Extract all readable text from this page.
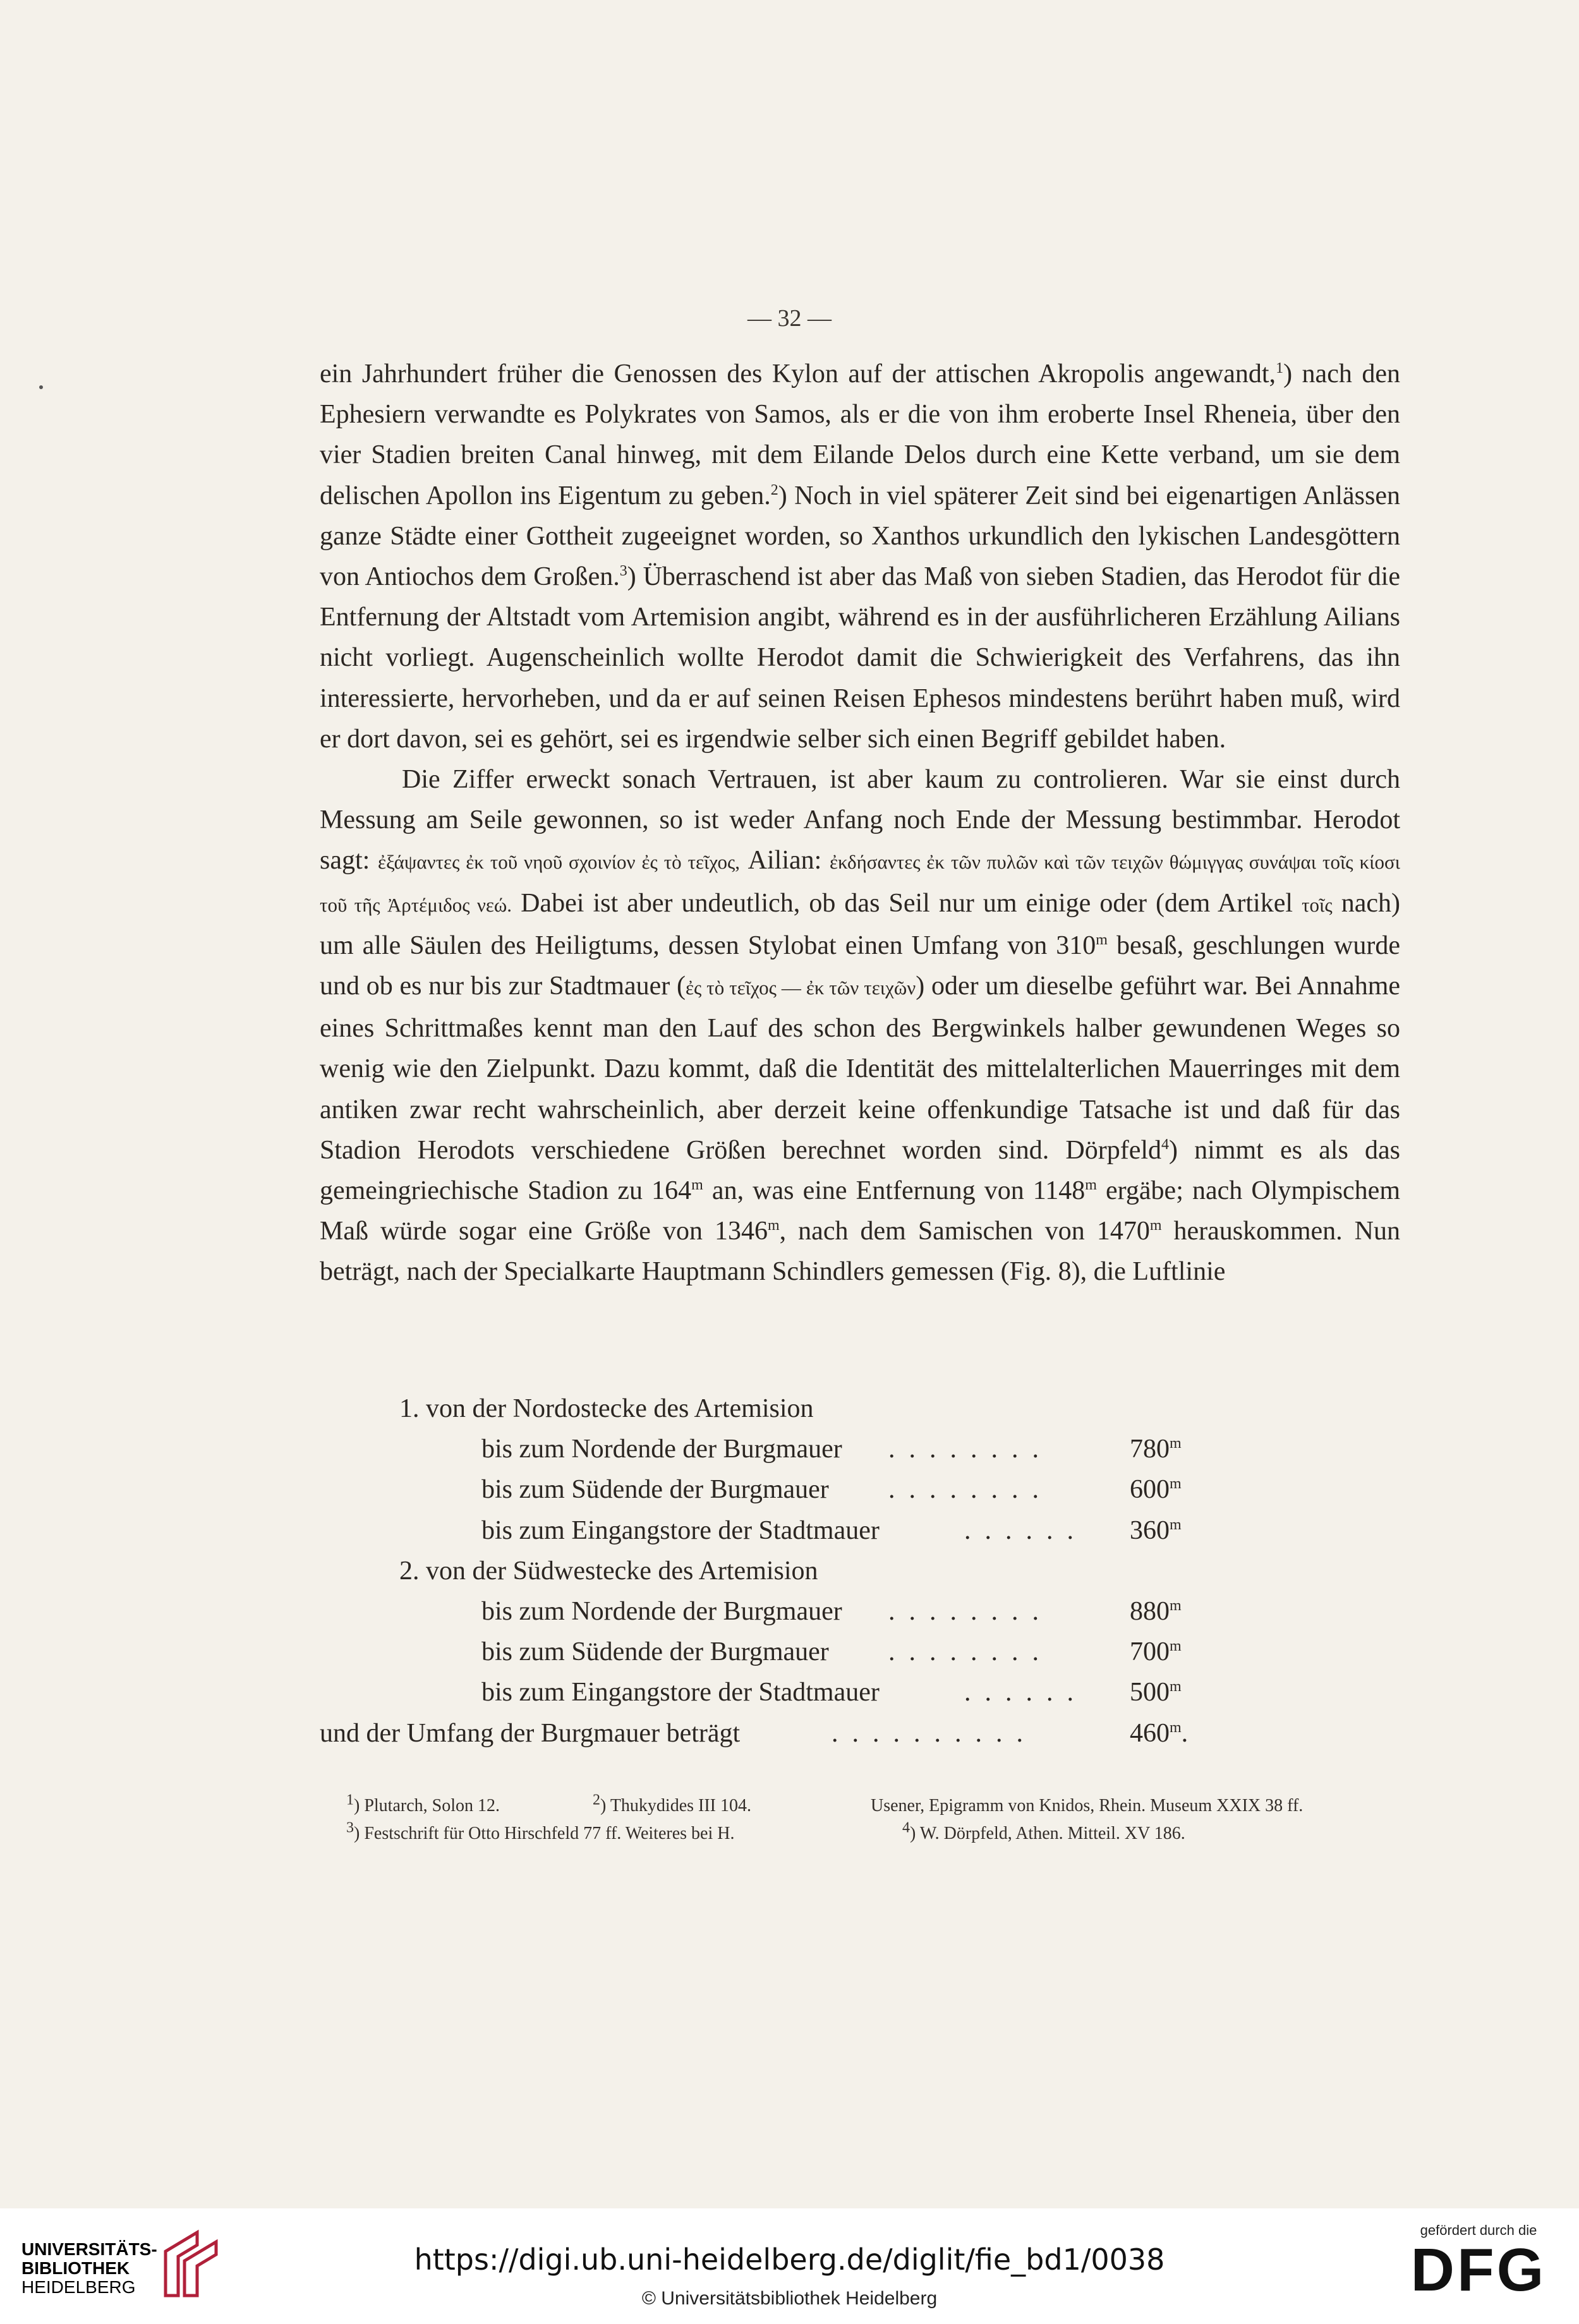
— 32 —

ein Jahrhundert früher die Genossen des Kylon auf der attischen Akropolis angewandt,$^1$) nach den Ephesiern verwandte es Polykrates von Samos, als er die von ihm eroberte Insel Rheneia, über den vier Stadien breiten Canal hinweg, mit dem Eilande Delos durch eine Kette verband, um sie dem delischen Apollon ins Eigentum zu geben.$^2$) Noch in viel späterer Zeit sind bei eigenartigen Anlässen ganze Städte einer Gottheit zugeeignet worden, so Xanthos urkundlich den lykischen Landesgöttern von Antiochos dem Großen.$^3$) Überraschend ist aber das Maß von sieben Stadien, das Herodot für die Entfernung der Altstadt vom Artemision angibt, während es in der ausführlicheren Erzählung Ailians nicht vorliegt. Augenscheinlich wollte Herodot damit die Schwierigkeit des Verfahrens, das ihn interessierte, hervorheben, und da er auf seinen Reisen Ephesos mindestens berührt haben muß, wird er dort davon, sei es gehört, sei es irgendwie selber sich einen Begriff gebildet haben.

Die Ziffer erweckt sonach Vertrauen, ist aber kaum zu controlieren. War sie einst durch Messung am Seile gewonnen, so ist weder Anfang noch Ende der Messung bestimmbar. Herodot sagt: ἐξάψαντες ἐκ τοῦ νηοῦ σχοινίον ἐς τὸ τεῖχος, Ailian: ἐκδήσαντες ἐκ τῶν πυλῶν καὶ τῶν τειχῶν θώμιγγας συνάψαι τοῖς κίοσι τοῦ τῆς Ἀρτέμιδος νεώ. Dabei ist aber undeutlich, ob das Seil nur um einige oder (dem Artikel τοῖς nach) um alle Säulen des Heiligtums, dessen Stylobat einen Umfang von 310$^m$ besaß, geschlungen wurde und ob es nur bis zur Stadtmauer (ἐς τὸ τεῖχος — ἐκ τῶν τειχῶν) oder um dieselbe geführt war. Bei Annahme eines Schrittmaßes kennt man den Lauf des schon des Bergwinkels halber gewundenen Weges so wenig wie den Zielpunkt. Dazu kommt, daß die Identität des mittelalterlichen Mauerringes mit dem antiken zwar recht wahrscheinlich, aber derzeit keine offenkundige Tatsache ist und daß für das Stadion Herodots verschiedene Größen berechnet worden sind. Dörpfeld$^4$) nimmt es als das gemeingriechische Stadion zu 164$^m$ an, was eine Entfernung von 1148$^m$ ergäbe; nach Olympischem Maß würde sogar eine Größe von 1346$^m$, nach dem Samischen von 1470$^m$ herauskommen. Nun beträgt, nach der Specialkarte Hauptmann Schindlers gemessen (Fig. 8), die Luftlinie

1. von der Nordostecke des Artemision
bis zum Nordende der Burgmauer ........	780$^m$
bis zum Südende der Burgmauer ........	600$^m$
bis zum Eingangstore der Stadtmauer	...... 360$^m$
2. von der Südwestecke des Artemision
bis zum Nordende der Burgmauer ........	880$^m$
bis zum Südende der Burgmauer ........	700$^m$
bis zum Eingangstore der Stadtmauer	...... 500$^m$
und der Umfang der Burgmauer beträgt	..........	460$^m$.
$^1$ ) Plutarch, Solon 12.	$^2$ ) Thukydides III 104.	Usener, Epigramm von Knidos, Rhein. Museum XXIX 38 ff.
$^3$ ) Festschrift für Otto Hirschfeld 77 ff. Weiteres bei H.	$^4$ ) W. Dörpfeld, Athen. Mitteil. XV 186.
UNIVERSITÄTS-
BIBLIOTHEK
HEIDELBERG
https://digi.ub.uni-heidelberg.de/diglit/fie_bd1/0038
© Universitätsbibliothek Heidelberg
gefördert durch die
DFG
